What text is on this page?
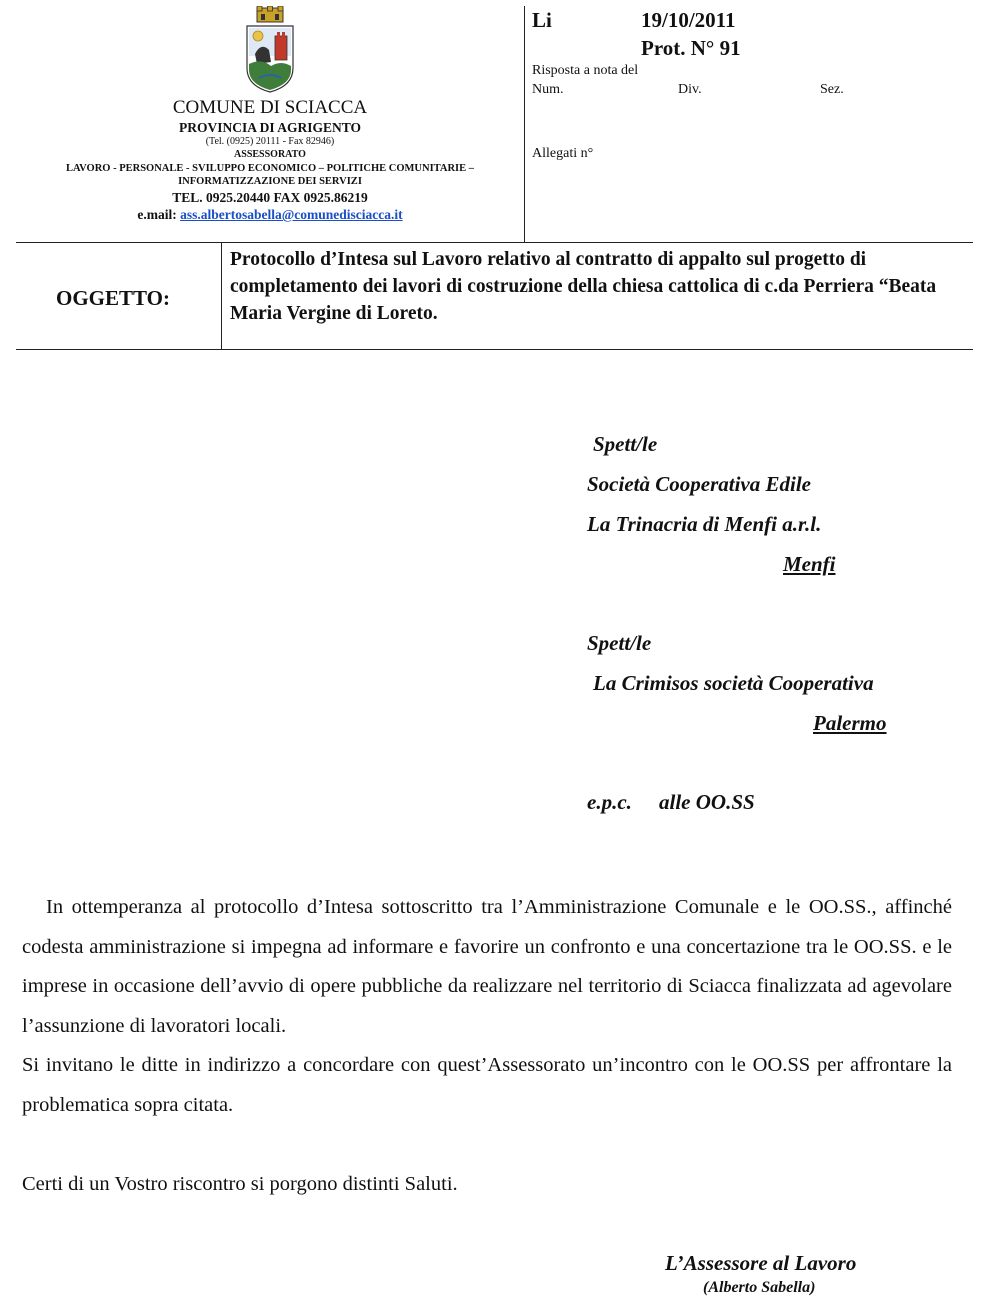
COMUNE DI SCIACCA
PROVINCIA DI AGRIGENTO
(Tel. (0925) 20111 - Fax 82946)
ASSESSORATO
LAVORO - PERSONALE - SVILUPPO ECONOMICO – POLITICHE COMUNITARIE –
INFORMATIZZAZIONE DEI SERVIZI
TEL. 0925.20440 FAX 0925.86219
e.mail: ass.albertosabella@comunedisciacca.it
Li	19/10/2011
Prot. N° 91
Risposta a nota del
Num.	Div.	Sez.
Allegati n°
OGGETTO:
Protocollo d’Intesa sul Lavoro relativo al contratto di appalto sul progetto di completamento dei lavori di costruzione della chiesa cattolica di c.da Perriera “Beata Maria Vergine di Loreto.
Spett/le
Società Cooperativa Edile
La Trinacria di Menfi a.r.l.
Menfi
Spett/le
La Crimisos società Cooperativa
Palermo
e.p.c. alle OO.SS

In ottemperanza al protocollo d’Intesa sottoscritto tra l’Amministrazione Comunale e le OO.SS., affinché codesta amministrazione si impegna ad informare e favorire un confronto e una concertazione tra le OO.SS. e le imprese in occasione dell’avvio di opere pubbliche da realizzare nel territorio di Sciacca finalizzata ad agevolare l’assunzione di lavoratori locali.

Si invitano le ditte in indirizzo a concordare con quest’Assessorato un’incontro con le OO.SS per affrontare la problematica sopra citata.

Certi di un Vostro riscontro si porgono distinti Saluti.

L’Assessore al Lavoro
(Alberto Sabella)
